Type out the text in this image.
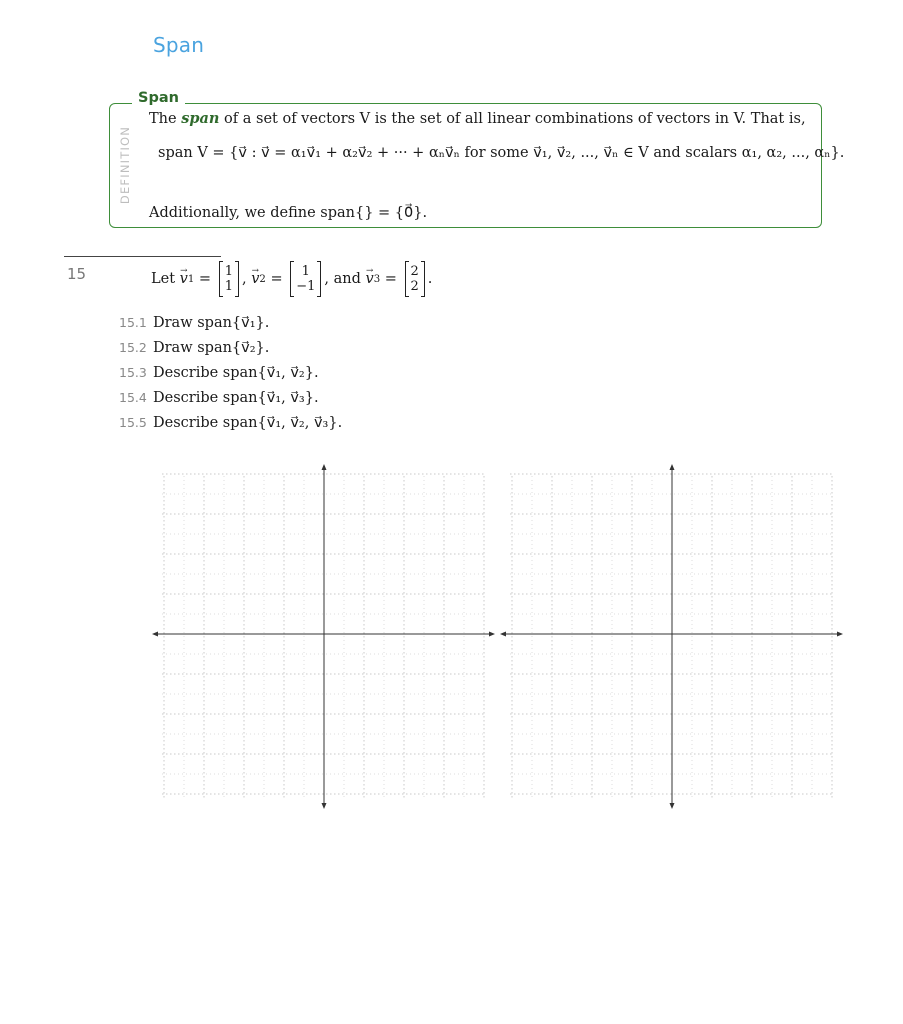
Span
Span
DEFINITION
The span of a set of vectors V is the set of all linear combinations of vectors in V. That is,
span V = {v⃗ : v⃗ = α₁v⃗₁ + α₂v⃗₂ + ··· + αₙv⃗ₙ for some v⃗₁, v⃗₂, ..., v⃗ₙ ∈ V and scalars α₁, α₂, ..., αₙ}.
Additionally, we define span{} = {0⃗}.
15	Let
→ v 1 = 1
1 , → v 2 = 1
−1 , and
→ v 3 = 2
2 .
15.1 Draw span{v⃗₁}.
15.2 Draw span{v⃗₂}.
15.3 Describe span{v⃗₁, v⃗₂}.
15.4 Describe span{v⃗₁, v⃗₃}.
15.5 Describe span{v⃗₁, v⃗₂, v⃗₃}.
